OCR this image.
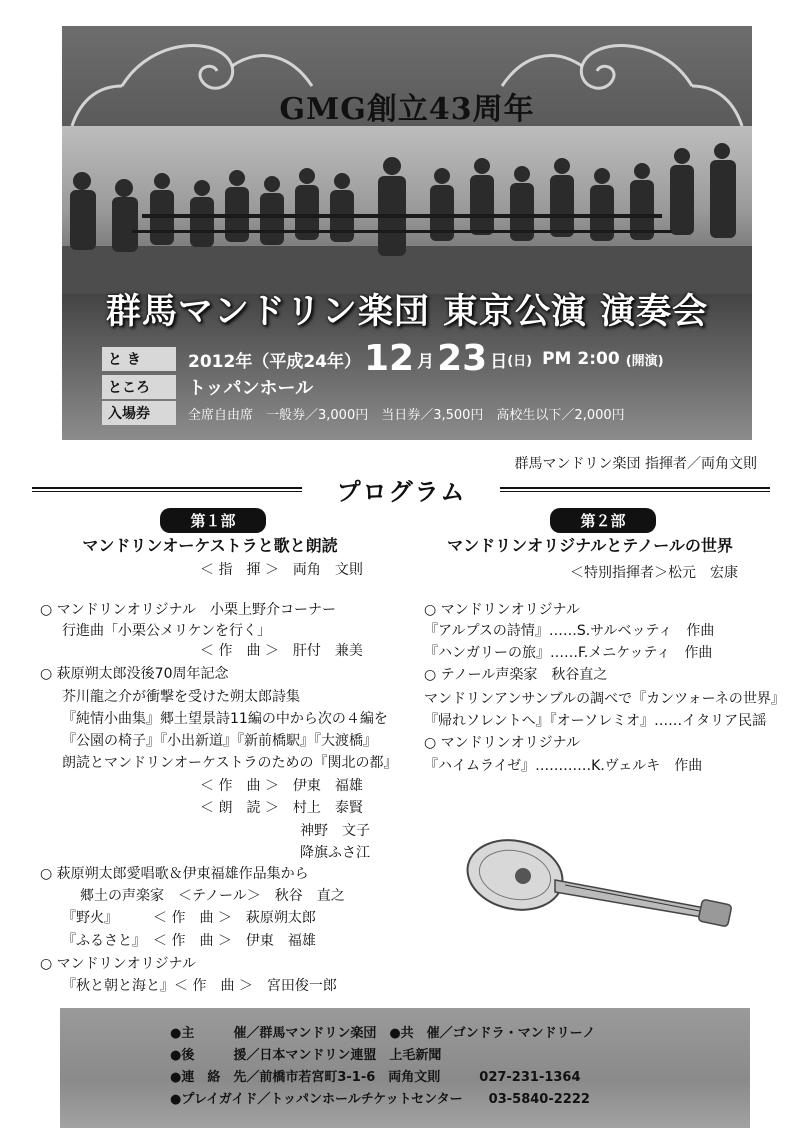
GMG創立43周年
群馬マンドリン楽団 東京公演 演奏会
と き	2012年（平成24年） 12 月 23 日 (日) PM 2:00 (開演)
ところ	トッパンホール
入場券	全席自由席　一般券／3,000円　当日券／3,500円　高校生以下／2,000円
群馬マンドリン楽団 指揮者／両角文則
プログラム
第１部
マンドリンオーケストラと歌と朗読
＜ 指　揮 ＞　両角　文則
○ マンドリンオリジナル　小栗上野介コーナー
行進曲「小栗公メリケンを行く」
＜ 作　曲 ＞　肝付　兼美
○ 萩原朔太郎没後70周年記念
芥川龍之介が衝撃を受けた朔太郎詩集
『純情小曲集』郷土望景詩11編の中から次の４編を
『公園の椅子』『小出新道』『新前橋駅』『大渡橋』
朗読とマンドリンオーケストラのための『関北の都』
＜ 作　曲 ＞　伊東　福雄
＜ 朗　読 ＞　村上　泰賢
神野　文子
降旗ふさ江
○ 萩原朔太郎愛唱歌＆伊東福雄作品集から
郷土の声楽家　＜テノール＞　秋谷　直之
『野火』　　　＜ 作　曲 ＞　萩原朔太郎
『ふるさと』　＜ 作　曲 ＞　伊東　福雄
○ マンドリンオリジナル
『秋と朝と海と』＜ 作　曲 ＞　宮田俊一郎
第２部
マンドリンオリジナルとテノールの世界
＜特別指揮者＞松元　宏康
○ マンドリンオリジナル
『アルプスの詩情』……S.サルベッティ　作曲
『ハンガリーの旅』……F.メニケッティ　作曲
○ テノール声楽家　秋谷直之
マンドリンアンサンブルの調べで『カンツォーネの世界』
『帰れソレントへ』『オーソレミオ』……イタリア民謡
○ マンドリンオリジナル
『ハイムライゼ』…………K.ヴェルキ　作曲
●主　　　催／群馬マンドリン楽団　●共　催／ゴンドラ・マンドリーノ
●後　　　援／日本マンドリン連盟　上毛新聞
●連　絡　先／前橋市若宮町3-1-6　両角文則　　　027-231-1364
●プレイガイド／トッパンホールチケットセンター　　03-5840-2222
